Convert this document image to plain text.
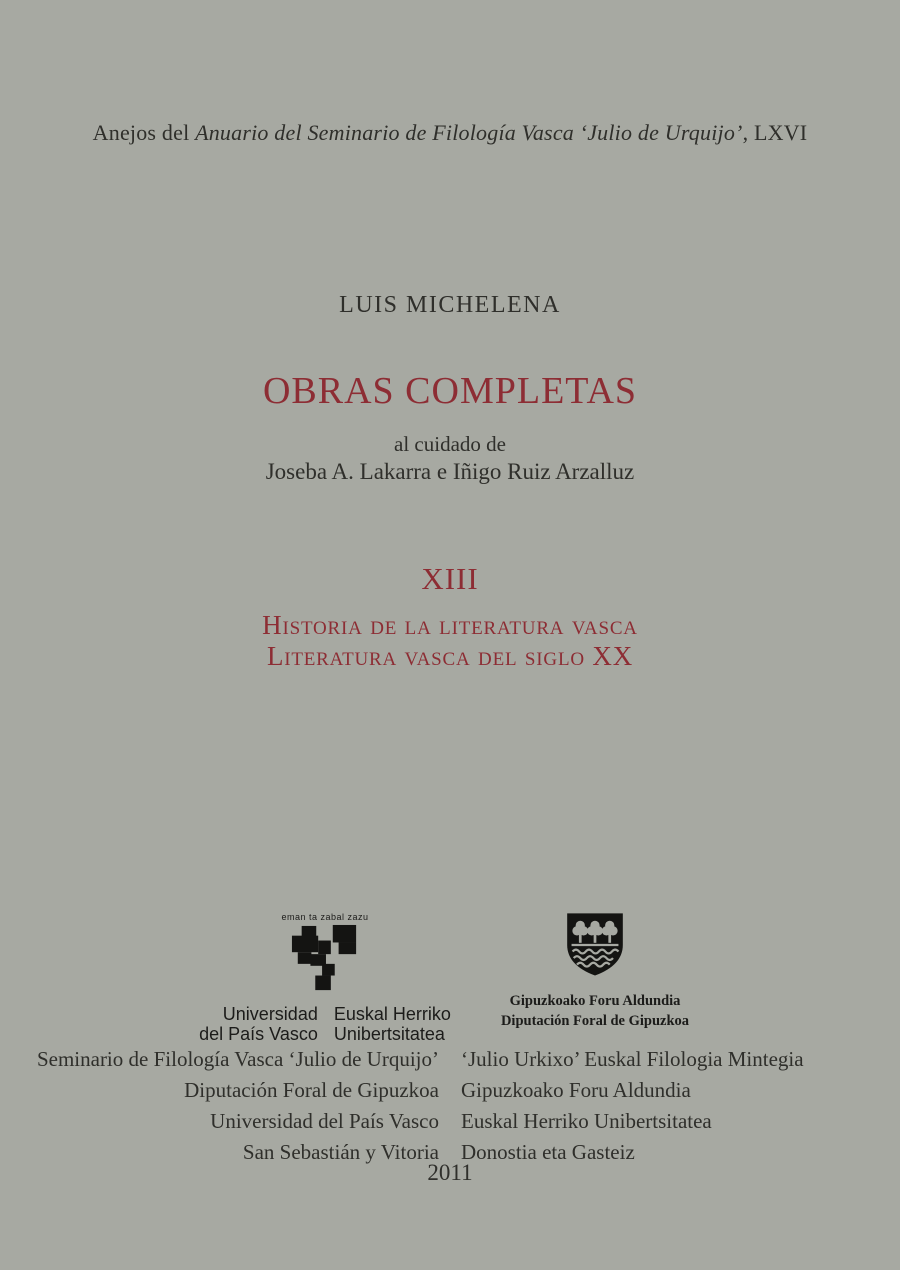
Anejos del Anuario del Seminario de Filología Vasca ‘Julio de Urquijo’, LXVI
LUIS MICHELENA
OBRAS COMPLETAS
al cuidado de
Joseba A. Lakarra e Iñigo Ruiz Arzalluz
XIII
Historia de la literatura vasca
Literatura vasca del siglo XX
eman ta zabal zazu
Universidad
del País Vasco
Euskal Herriko
Unibertsitatea
Gipuzkoako Foru Aldundia
Diputación Foral de Gipuzkoa
Seminario de Filología Vasca ‘Julio de Urquijo’
Diputación Foral de Gipuzkoa
Universidad del País Vasco
San Sebastián y Vitoria
‘Julio Urkixo’ Euskal Filologia Mintegia
Gipuzkoako Foru Aldundia
Euskal Herriko Unibertsitatea
Donostia eta Gasteiz
2011
